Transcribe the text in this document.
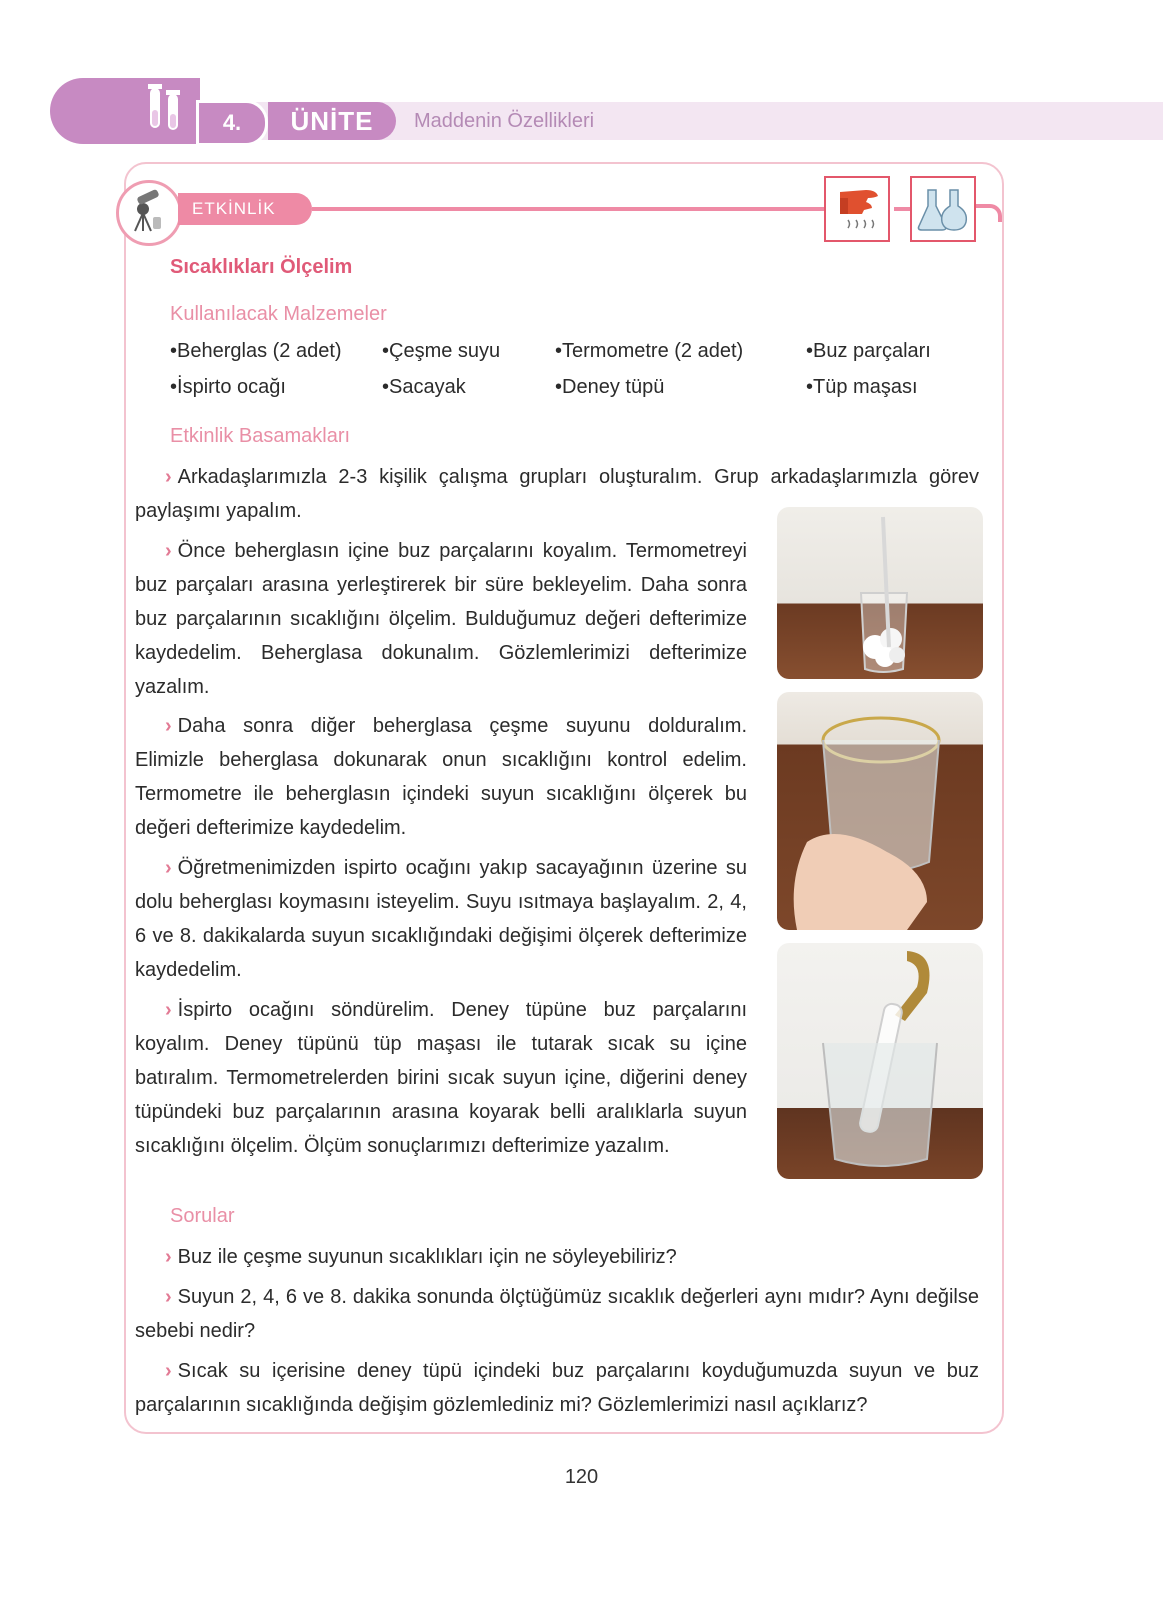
4.	ÜNİTE	Maddenin Özellikleri
ETKİNLİK
Sıcaklıkları Ölçelim
Kullanılacak Malzemeler
• Beherglas (2 adet)	• Çeşme suyu	• Termometre (2 adet)	• Buz parçaları
• İspirto ocağı	• Sacayak	• Deney tüpü	• Tüp maşası
Etkinlik Basamakları
› Arkadaşlarımızla 2-3 kişilik çalışma grupları oluşturalım. Grup arkadaşlarımızla görev paylaşımı yapalım.
› Önce beherglasın içine buz parçalarını koyalım. Termometreyi buz parçaları arasına yerleştirerek bir süre bekleyelim. Daha sonra buz parçalarının sıcaklığını ölçelim. Bulduğumuz değeri defterimize kaydedelim. Beherglasa dokunalım. Gözlemlerimizi defterimize yazalım.
› Daha sonra diğer beherglasa çeşme suyunu dolduralım. Elimizle beherglasa dokunarak onun sıcaklığını kontrol edelim. Termometre ile beherglasın içindeki suyun sıcaklığını ölçerek bu değeri defterimize kaydedelim.
› Öğretmenimizden ispirto ocağını yakıp sacayağının üzerine su dolu beherglası koymasını isteyelim. Suyu ısıtmaya başlayalım. 2, 4, 6 ve 8. dakikalarda suyun sıcaklığındaki değişimi ölçerek defterimize kaydedelim.
› İspirto ocağını söndürelim. Deney tüpüne buz parçalarını koyalım. Deney tüpünü tüp maşası ile tutarak sıcak su içine batıralım. Termometrelerden birini sıcak suyun içine, diğerini deney tüpündeki buz parçalarının arasına koyarak belli aralıklarla suyun sıcaklığını ölçelim. Ölçüm sonuçlarımızı defterimize yazalım.
Sorular
› Buz ile çeşme suyunun sıcaklıkları için ne söyleyebiliriz?
› Suyun 2, 4, 6 ve 8. dakika sonunda ölçtüğümüz sıcaklık değerleri aynı mıdır? Aynı değilse sebebi nedir?
› Sıcak su içerisine deney tüpü içindeki buz parçalarını koyduğumuzda suyun ve buz parçalarının sıcaklığında değişim gözlemlediniz mi? Gözlemlerimizi nasıl açıklarız?
120
